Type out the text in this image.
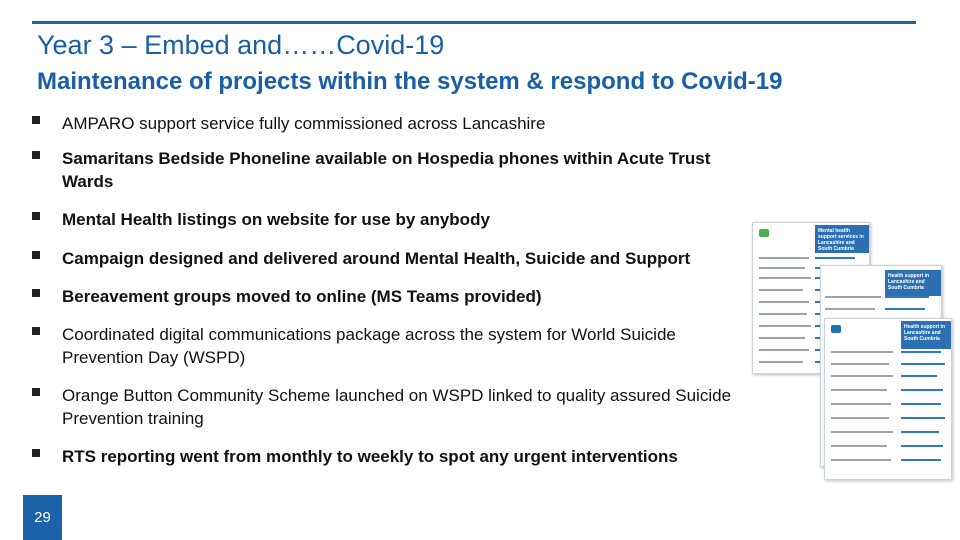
Year 3 – Embed and……Covid-19
Maintenance of projects within the system & respond to Covid-19
AMPARO support service fully commissioned across Lancashire
Samaritans Bedside Phoneline available on Hospedia phones within Acute Trust Wards
Mental Health listings on website for use by anybody
Campaign designed and delivered around Mental Health, Suicide and Support
Bereavement groups moved to online (MS Teams provided)
Coordinated digital communications package across the system for World Suicide Prevention Day (WSPD)
Orange Button Community Scheme launched on WSPD linked to quality assured Suicide Prevention training
RTS reporting went from monthly to weekly to spot any urgent interventions
Mental health support services in Lancashire and South Cumbria
Health support in Lancashire and South Cumbria
Health support in Lancashire and South Cumbria
29
